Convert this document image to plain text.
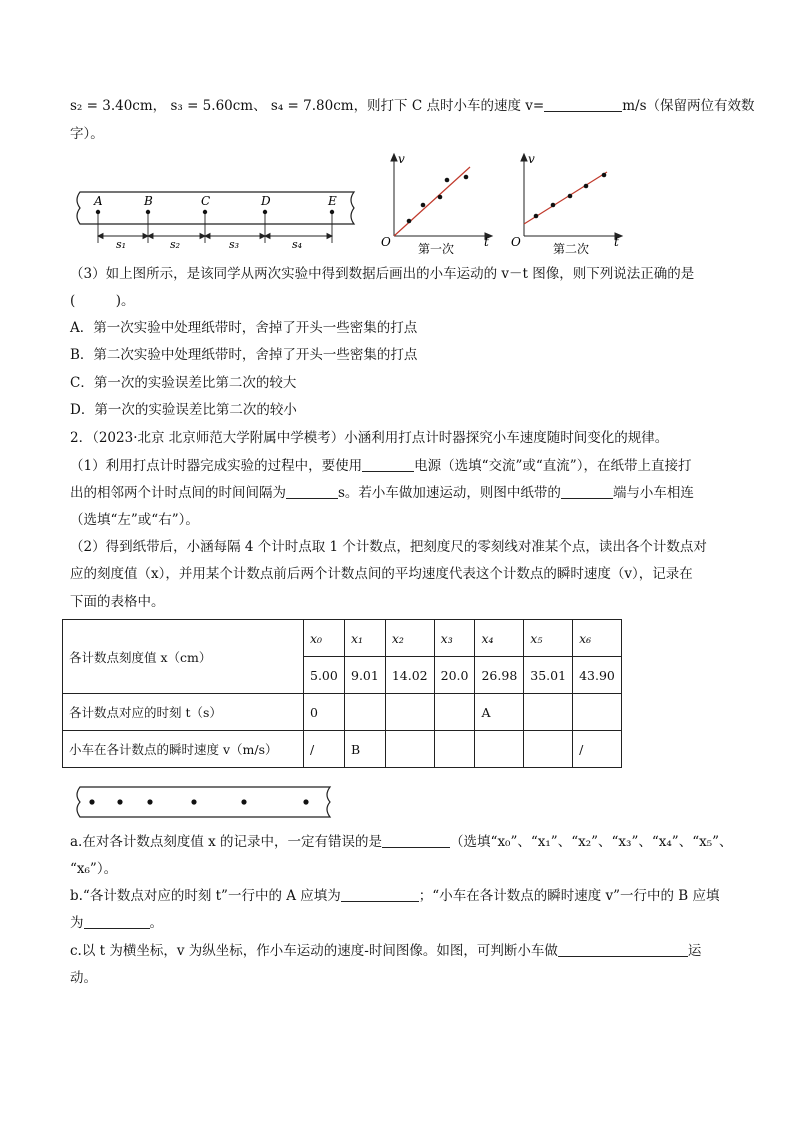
s₂ = 3.40cm， s₃ = 5.60cm、 s₄ = 7.80cm，则打下 C 点时小车的速度 v=	m/s（保留两位有效数
字）。
A	B	C	D	E
s₁	s₂	s₃	s₄
v
t
O 第一次
v
t
O	第二次
（3）如上图所示，是该同学从两次实验中得到数据后画出的小车运动的 v－t 图像，则下列说法正确的是
(　　　)。
A．第一次实验中处理纸带时，舍掉了开头一些密集的打点
B．第二次实验中处理纸带时，舍掉了开头一些密集的打点
C．第一次的实验误差比第二次的较大
D．第一次的实验误差比第二次的较小
2．（2023·北京 北京师范大学附属中学模考）小涵利用打点计时器探究小车速度随时间变化的规律。
（1）利用打点计时器完成实验的过程中，要使用	电源（选填“交流”或“直流”），在纸带上直接打
出的相邻两个计时点间的时间间隔为	s。若小车做加速运动，则图中纸带的	端与小车相连
（选填“左”或“右”）。
（2）得到纸带后，小涵每隔 4 个计时点取 1 个计数点，把刻度尺的零刻线对准某个点，读出各个计数点对
应的刻度值（x），并用某个计数点前后两个计数点间的平均速度代表这个计数点的瞬时速度（v），记录在
下面的表格中。
各计数点刻度值 x（cm）	x₀	x₁	x₂	x₃	x₄	x₅	x₆
	5.00	9.01	14.02	20.0	26.98	35.01	43.90
各计数点对应的时刻 t（s）	0				A		
小车在各计数点的瞬时速度 v（m/s）	/	B					/
a.在对各计数点刻度值 x 的记录中，一定有错误的是	（选填“x₀”、“x₁”、“x₂”、“x₃”、“x₄”、“x₅”、
“x₆”）。
b.“各计数点对应的时刻 t”一行中的 A 应填为	；“小车在各计数点的瞬时速度 v”一行中的 B 应填
为	。
c.以 t 为横坐标，v 为纵坐标，作小车运动的速度-时间图像。如图，可判断小车做	运
动。
